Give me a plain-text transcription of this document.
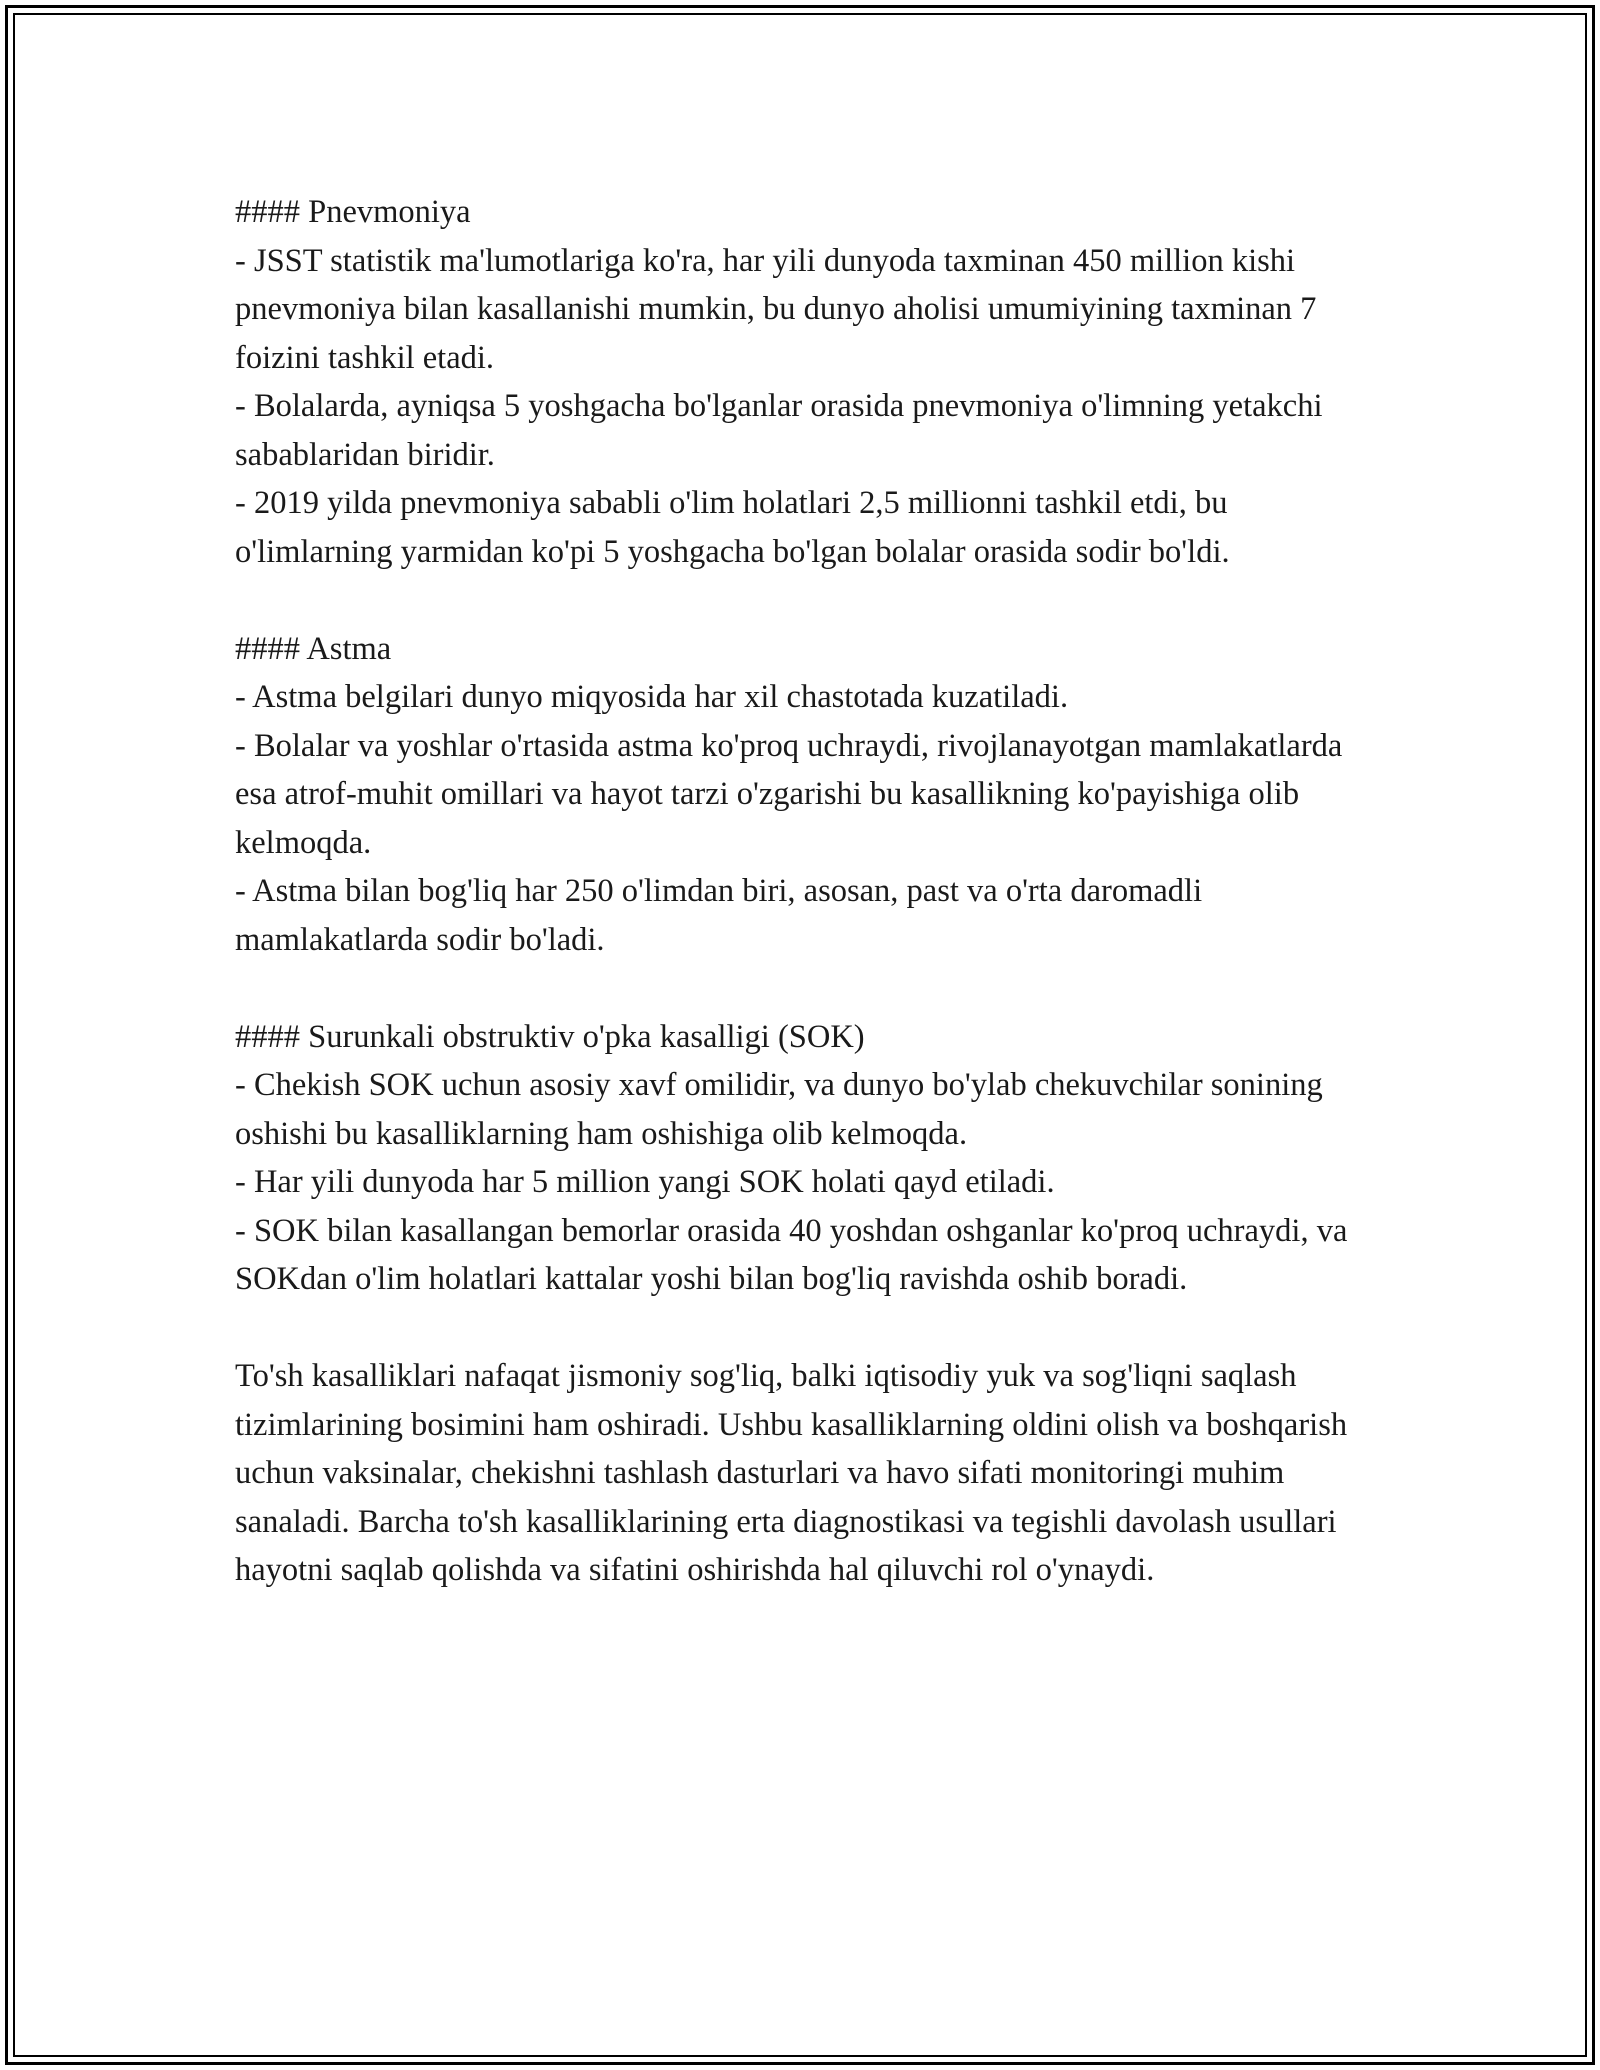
#### Pnevmoniya

- JSST statistik ma'lumotlariga ko'ra, har yili dunyoda taxminan 450 million kishi pnevmoniya bilan kasallanishi mumkin, bu dunyo aholisi umumiyining taxminan 7 foizini tashkil etadi.

- Bolalarda, ayniqsa 5 yoshgacha bo'lganlar orasida pnevmoniya o'limning yetakchi sabablaridan biridir.

- 2019 yilda pnevmoniya sababli o'lim holatlari 2,5 millionni tashkil etdi, bu o'limlarning yarmidan ko'pi 5 yoshgacha bo'lgan bolalar orasida sodir bo'ldi.

#### Astma

- Astma belgilari dunyo miqyosida har xil chastotada kuzatiladi.

- Bolalar va yoshlar o'rtasida astma ko'proq uchraydi, rivojlanayotgan mamlakatlarda esa atrof-muhit omillari va hayot tarzi o'zgarishi bu kasallikning ko'payishiga olib kelmoqda.

- Astma bilan bog'liq har 250 o'limdan biri, asosan, past va o'rta daromadli mamlakatlarda sodir bo'ladi.

#### Surunkali obstruktiv o'pka kasalligi (SOK)

- Chekish SOK uchun asosiy xavf omilidir, va dunyo bo'ylab chekuvchilar sonining oshishi bu kasalliklarning ham oshishiga olib kelmoqda.

- Har yili dunyoda har 5 million yangi SOK holati qayd etiladi.

- SOK bilan kasallangan bemorlar orasida 40 yoshdan oshganlar ko'proq uchraydi, va SOKdan o'lim holatlari kattalar yoshi bilan bog'liq ravishda oshib boradi.

To'sh kasalliklari nafaqat jismoniy sog'liq, balki iqtisodiy yuk va sog'liqni saqlash tizimlarining bosimini ham oshiradi. Ushbu kasalliklarning oldini olish va boshqarish uchun vaksinalar, chekishni tashlash dasturlari va havo sifati monitoringi muhim sanaladi. Barcha to'sh kasalliklarining erta diagnostikasi va tegishli davolash usullari hayotni saqlab qolishda va sifatini oshirishda hal qiluvchi rol o'ynaydi.
